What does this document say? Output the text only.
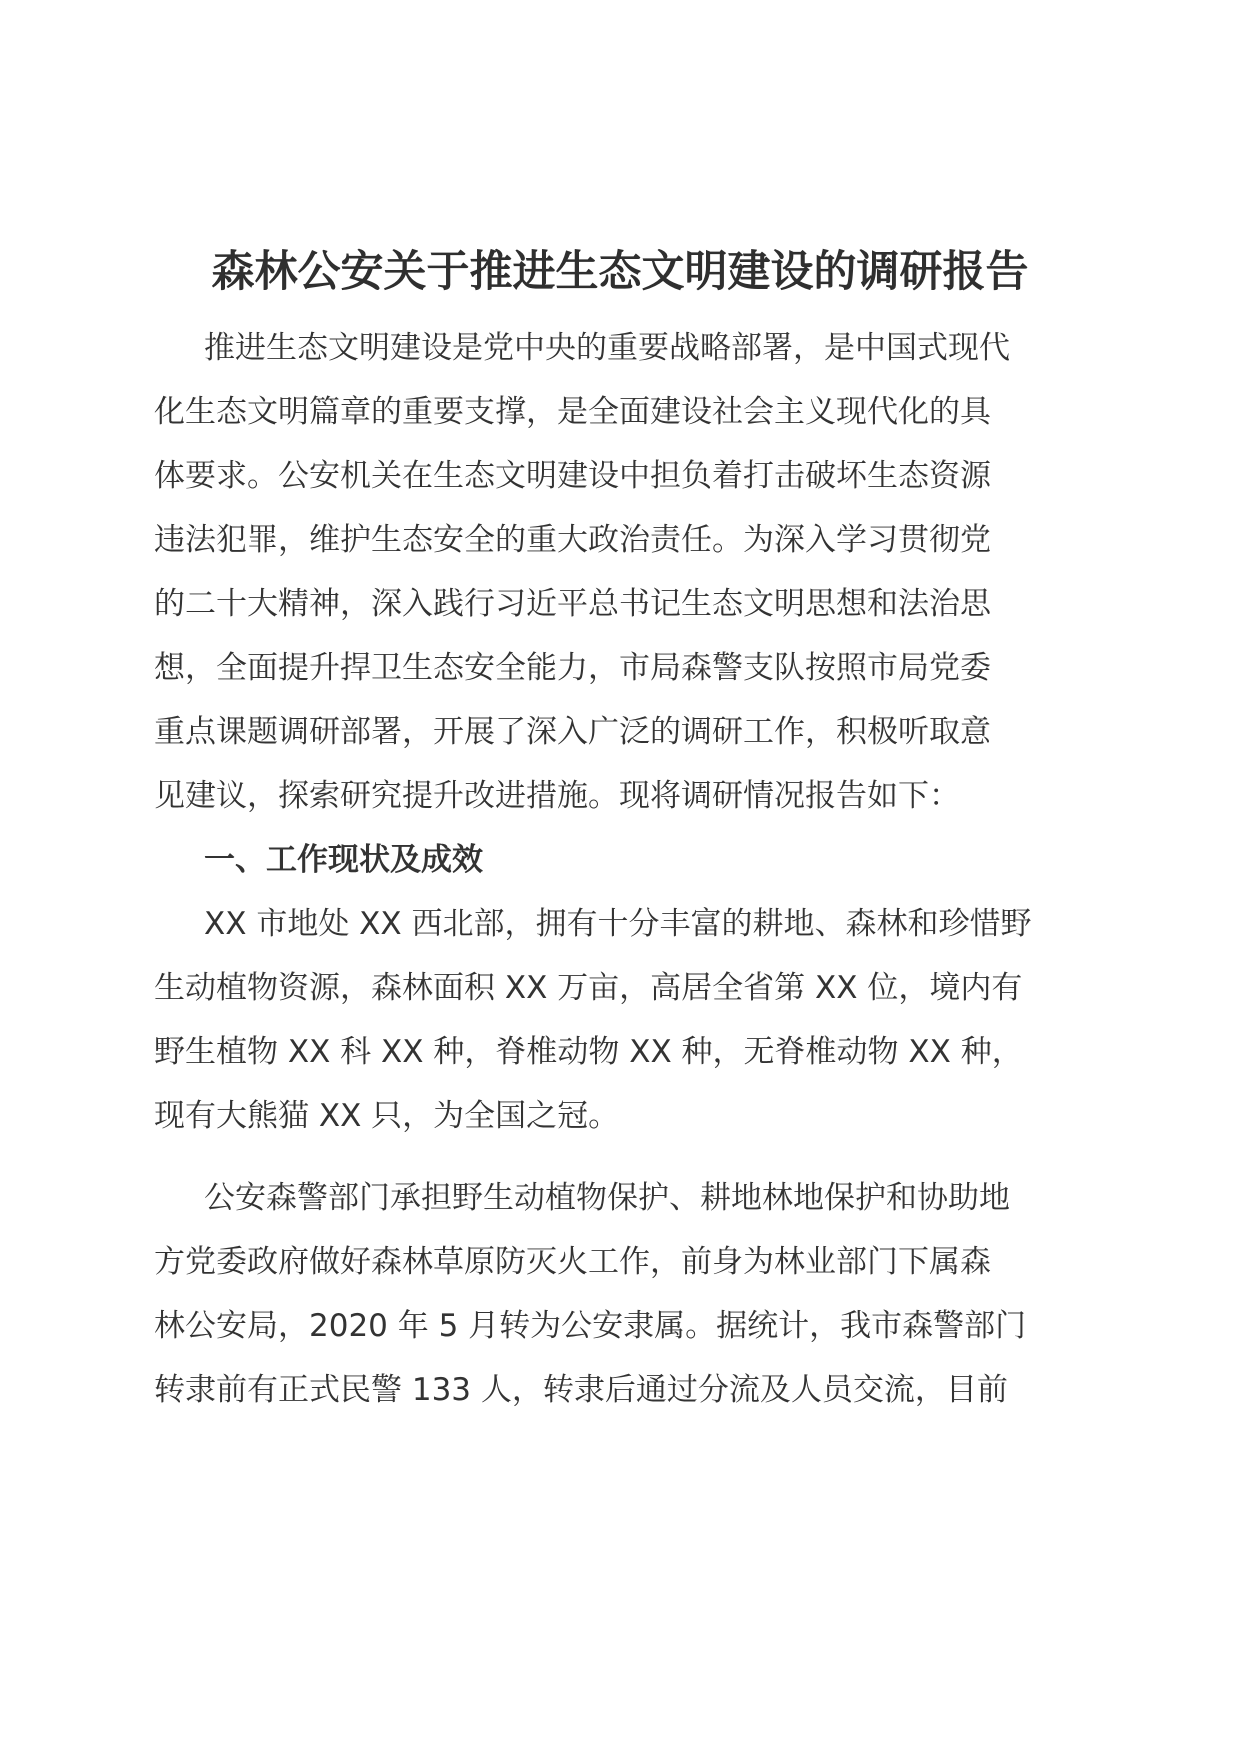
森林公安关于推进生态文明建设的调研报告
推进生态文明建设是党中央的重要战略部署，是中国式现代
化生态文明篇章的重要支撑，是全面建设社会主义现代化的具
体要求。公安机关在生态文明建设中担负着打击破坏生态资源
违法犯罪，维护生态安全的重大政治责任。为深入学习贯彻党
的二十大精神，深入践行习近平总书记生态文明思想和法治思
想，全面提升捍卫生态安全能力，市局森警支队按照市局党委
重点课题调研部署，开展了深入广泛的调研工作，积极听取意
见建议，探索研究提升改进措施。现将调研情况报告如下：
一、工作现状及成效
XX 市地处 XX 西北部，拥有十分丰富的耕地、森林和珍惜野
生动植物资源，森林面积 XX 万亩，高居全省第 XX 位，境内有
野生植物 XX 科 XX 种，脊椎动物 XX 种，无脊椎动物 XX 种，
现有大熊猫 XX 只，为全国之冠。
公安森警部门承担野生动植物保护、耕地林地保护和协助地
方党委政府做好森林草原防灭火工作，前身为林业部门下属森
林公安局，2020 年 5 月转为公安隶属。据统计，我市森警部门
转隶前有正式民警 133 人，转隶后通过分流及人员交流，目前
